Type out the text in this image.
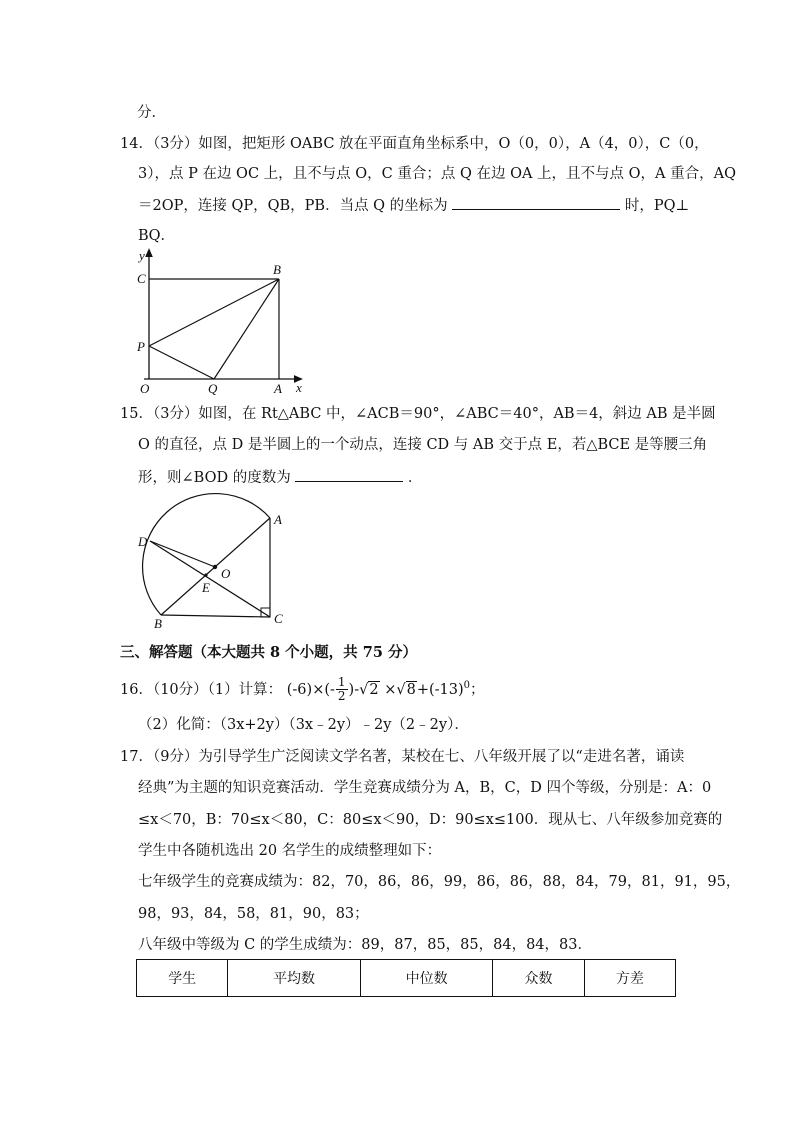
分．
14．（3分）如图，把矩形 OABC 放在平面直角坐标系中，O（0，0），A（4，0），C（0，
3），点 P 在边 OC 上，且不与点 O，C 重合；点 Q 在边 OA 上，且不与点 O，A 重合，AQ
＝2OP，连接 QP，QB，PB．当点 Q 的坐标为	时，PQ⊥
BQ．
y
C
B
P
O	Q	A x
15．（3分）如图，在 Rt△ABC 中，∠ACB＝90°，∠ABC＝40°，AB＝4，斜边 AB 是半圆
O 的直径，点 D 是半圆上的一个动点，连接 CD 与 AB 交于点 E，若△BCE 是等腰三角
形，则∠BOD 的度数为	．
A
D
O
E
B	C
三、解答题（本大题共 8 个小题，共 75 分）
16．（10分）（1）计算： $(-6)\times(- \frac{1}{2} )-√2 \times√8+(-13)^0$；
（2）化简：（3x+2y）（3x﹣2y）﹣2y（2﹣2y）．
17．（9分）为引导学生广泛阅读文学名著，某校在七、八年级开展了以“走进名著，诵读
经典”为主题的知识竞赛活动．学生竞赛成绩分为 A，B，C，D 四个等级，分别是：A：0
≤x＜70，B：70≤x＜80，C：80≤x＜90，D：90≤x≤100．现从七、八年级参加竞赛的
学生中各随机选出 20 名学生的成绩整理如下：
七年级学生的竞赛成绩为：82，70，86，86，99，86，86，88，84，79，81，91，95，
98，93，84，58，81，90，83；
八年级中等级为 C 的学生成绩为：89，87，85，85，84，84，83．
学生	平均数	中位数	众数	方差
